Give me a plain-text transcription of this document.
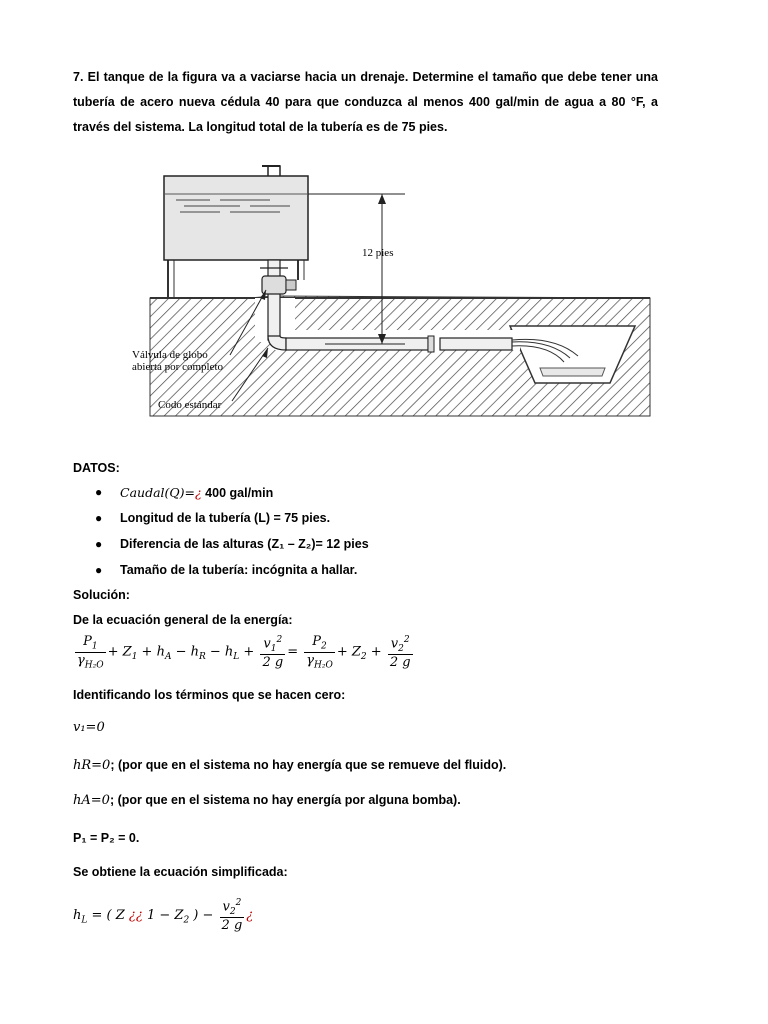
7. El tanque de la figura va a vaciarse hacia un drenaje. Determine el tamaño que debe tener una tubería de acero nueva cédula 40 para que conduzca al menos 400 gal/min de agua a 80 °F, a través del sistema. La longitud total de la tubería es de 75 pies.
12 pies
Válvula de globo
abierta por completo
Codo estándar
DATOS:
● Caudal(Q)=¿ 400 gal/min
● Longitud de la tubería (L) = 75 pies.
● Diferencia de las alturas (Z₁ – Z₂)= 12 pies
● Tamaño de la tubería: incógnita a hallar.
Solución:
De la ecuación general de la energía:
$\frac{P_1}{\gamma_{H_2O}} + Z_1 + h_A - h_R - h_L + \frac{v_1^2}{2 g} = \frac{P_2}{\gamma_{H_2O}} + Z_2 + \frac{v_2^2}{2 g}$
Identificando los términos que se hacen cero:
v₁=0
hR=0; (por que en el sistema no hay energía que se remueve del fluido).
hA=0; (por que en el sistema no hay energía por alguna bomba).
P₁ = P₂ = 0.
Se obtiene la ecuación simplificada:
$h_L$ = ( Z ¿¿ $1 - Z_2$ ) − $\frac{v_2^2}{2 g}$ ¿
